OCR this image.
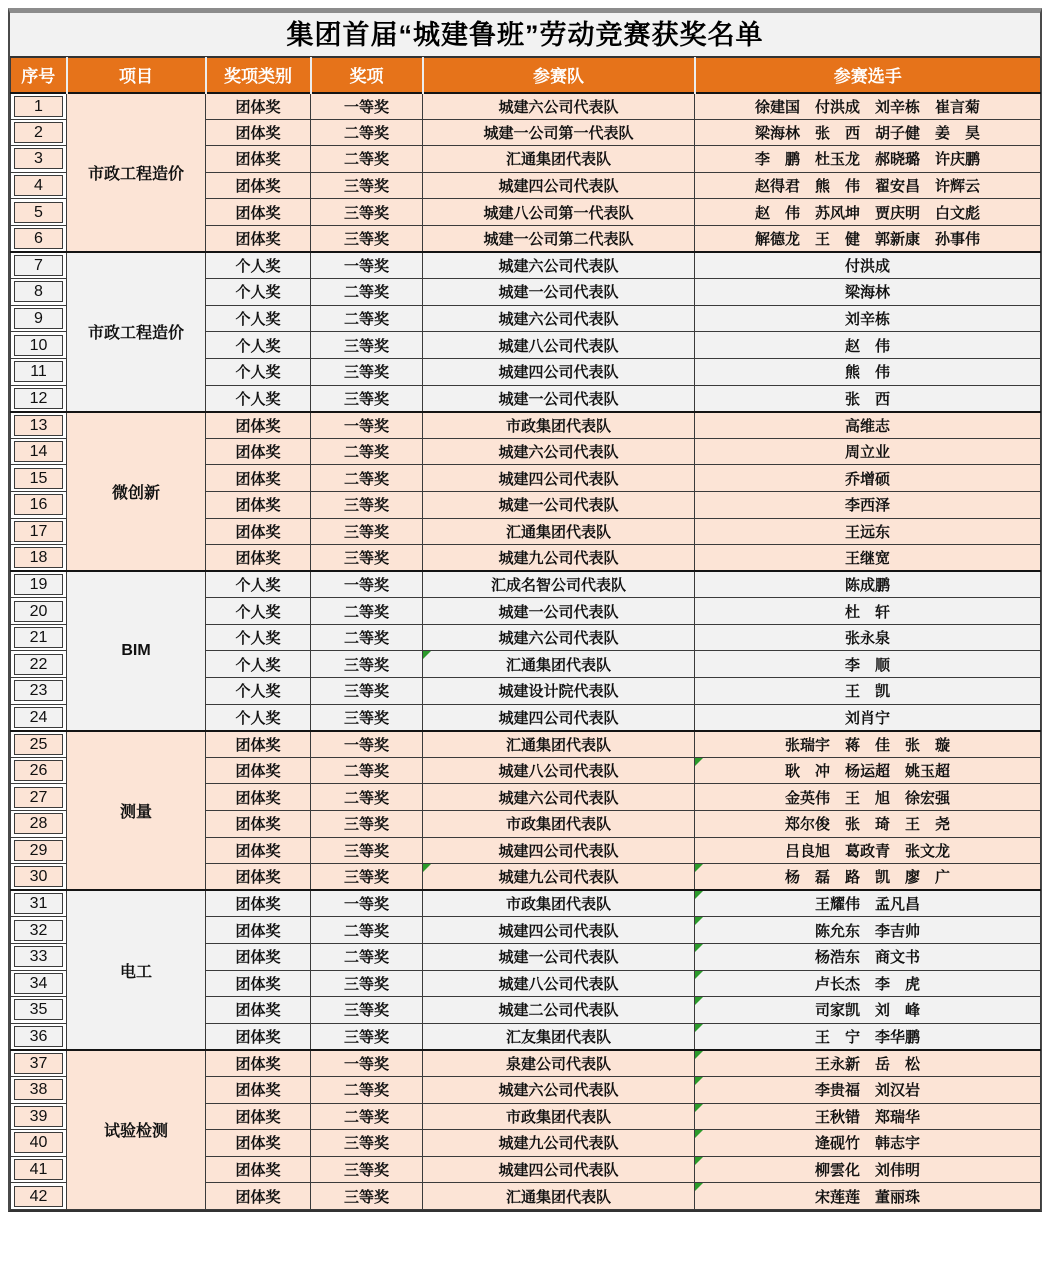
集团首届“城建鲁班”劳动竞赛获奖名单
序号	项目	奖项类别	奖项	参赛队	参赛选手

1	市政工程造价	团体奖	一等奖	城建六公司代表队	徐建国　付洪成　刘辛栋　崔言菊

2		团体奖	二等奖	城建一公司第一代表队	梁海林　张　西　胡子健　姜　昊

3		团体奖	二等奖	汇通集团代表队	李　鹏　杜玉龙　郝晓璐　许庆鹏

4		团体奖	三等奖	城建四公司代表队	赵得君　熊　伟　翟安昌　许辉云

5		团体奖	三等奖	城建八公司第一代表队	赵　伟　苏风坤　贾庆明　白文彪

6		团体奖	三等奖	城建一公司第二代表队	解德龙　王　健　郭新康　孙事伟

7	市政工程造价	个人奖	一等奖	城建六公司代表队	付洪成

8		个人奖	二等奖	城建一公司代表队	梁海林

9		个人奖	二等奖	城建六公司代表队	刘辛栋

10		个人奖	三等奖	城建八公司代表队	赵　伟

11		个人奖	三等奖	城建四公司代表队	熊　伟

12		个人奖	三等奖	城建一公司代表队	张　西

13	微创新	团体奖	一等奖	市政集团代表队	高维志

14		团体奖	二等奖	城建六公司代表队	周立业

15		团体奖	二等奖	城建四公司代表队	乔增硕

16		团体奖	三等奖	城建一公司代表队	李西泽

17		团体奖	三等奖	汇通集团代表队	王远东

18		团体奖	三等奖	城建九公司代表队	王继宽

19	BIM	个人奖	一等奖	汇成名智公司代表队	陈成鹏

20		个人奖	二等奖	城建一公司代表队	杜　轩

21		个人奖	二等奖	城建六公司代表队	张永泉

22		个人奖	三等奖	汇通集团代表队	李　顺

23		个人奖	三等奖	城建设计院代表队	王　凯

24		个人奖	三等奖	城建四公司代表队	刘肖宁

25	测量	团体奖	一等奖	汇通集团代表队	张瑞宇　蒋　佳　张　璇

26		团体奖	二等奖	城建八公司代表队	耿　冲　杨运超　姚玉超

27		团体奖	二等奖	城建六公司代表队	金英伟　王　旭　徐宏强

28		团体奖	三等奖	市政集团代表队	郑尔俊　张　琦　王　尧

29		团体奖	三等奖	城建四公司代表队	吕良旭　葛政青　张文龙

30		团体奖	三等奖	城建九公司代表队	杨　磊　路　凯　廖　广

31	电工	团体奖	一等奖	市政集团代表队	王耀伟　孟凡昌

32		团体奖	二等奖	城建四公司代表队	陈允东　李吉帅

33		团体奖	二等奖	城建一公司代表队	杨浩东　商文书

34		团体奖	三等奖	城建八公司代表队	卢长杰　李　虎

35		团体奖	三等奖	城建二公司代表队	司家凯　刘　峰

36		团体奖	三等奖	汇友集团代表队	王　宁　李华鹏

37	试验检测	团体奖	一等奖	泉建公司代表队	王永新　岳　松

38		团体奖	二等奖	城建六公司代表队	李贵福　刘汉岩

39		团体奖	二等奖	市政集团代表队	王秋错　郑瑞华

40		团体奖	三等奖	城建九公司代表队	逄砚竹　韩志宇

41		团体奖	三等奖	城建四公司代表队	柳雲化　刘伟明

42		团体奖	三等奖	汇通集团代表队	宋莲莲　董丽珠
